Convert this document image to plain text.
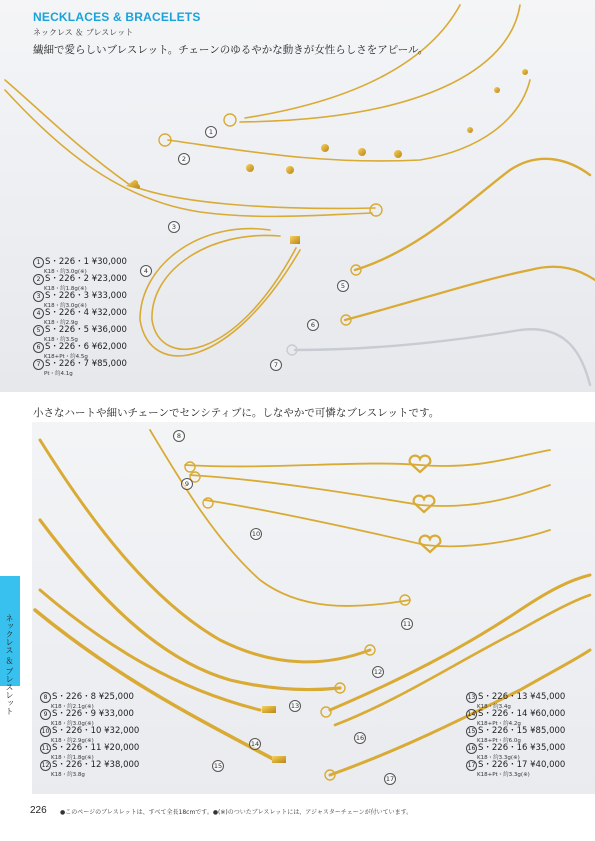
NECKLACES & BRACELETS
ネックレス ＆ ブレスレット
繊細で愛らしいブレスレット。チェーンのゆるやかな動きが女性らしさをアピール。
小さなハートや細いチェーンでセンシティブに。しなやかで可憐なブレスレットです。
ネックレス ＆ ブレスレット
1
2
3
4
5
6
7
8
9
10
11
12
13
14
15
16
17
1 S・226・1 ¥30,000
K18・約3.0g(※)
2 S・226・2 ¥23,000
K18・約1.8g(※)
3 S・226・3 ¥33,000
K18・約3.0g(※)
4 S・226・4 ¥32,000
K18・約2.9g
5 S・226・5 ¥36,000
K18・約3.5g
6 S・226・6 ¥62,000
K18+Pt・約4.5g
7 S・226・7 ¥85,000
Pt・約4.1g
8 S・226・8 ¥25,000
K18・約2.1g(※)
9 S・226・9 ¥33,000
K18・約3.0g(※)
10 S・226・10 ¥32,000
K18・約2.9g(※)
11 S・226・11 ¥20,000
K18・約1.8g(※)
12 S・226・12 ¥38,000
K18・約3.8g
13 S・226・13 ¥45,000
K18・約3.4g
14 S・226・14 ¥60,000
K18+Pt・約4.2g
15 S・226・15 ¥85,000
K18+Pt・約6.0g
16 S・226・16 ¥35,000
K18・約3.3g(※)
17 S・226・17 ¥40,000
K18+Pt・約3.3g(※)
226 ●このページのブレスレットは、すべて全長18cmです。●(※)のついたブレスレットには、アジャスターチェーンが付いています。
